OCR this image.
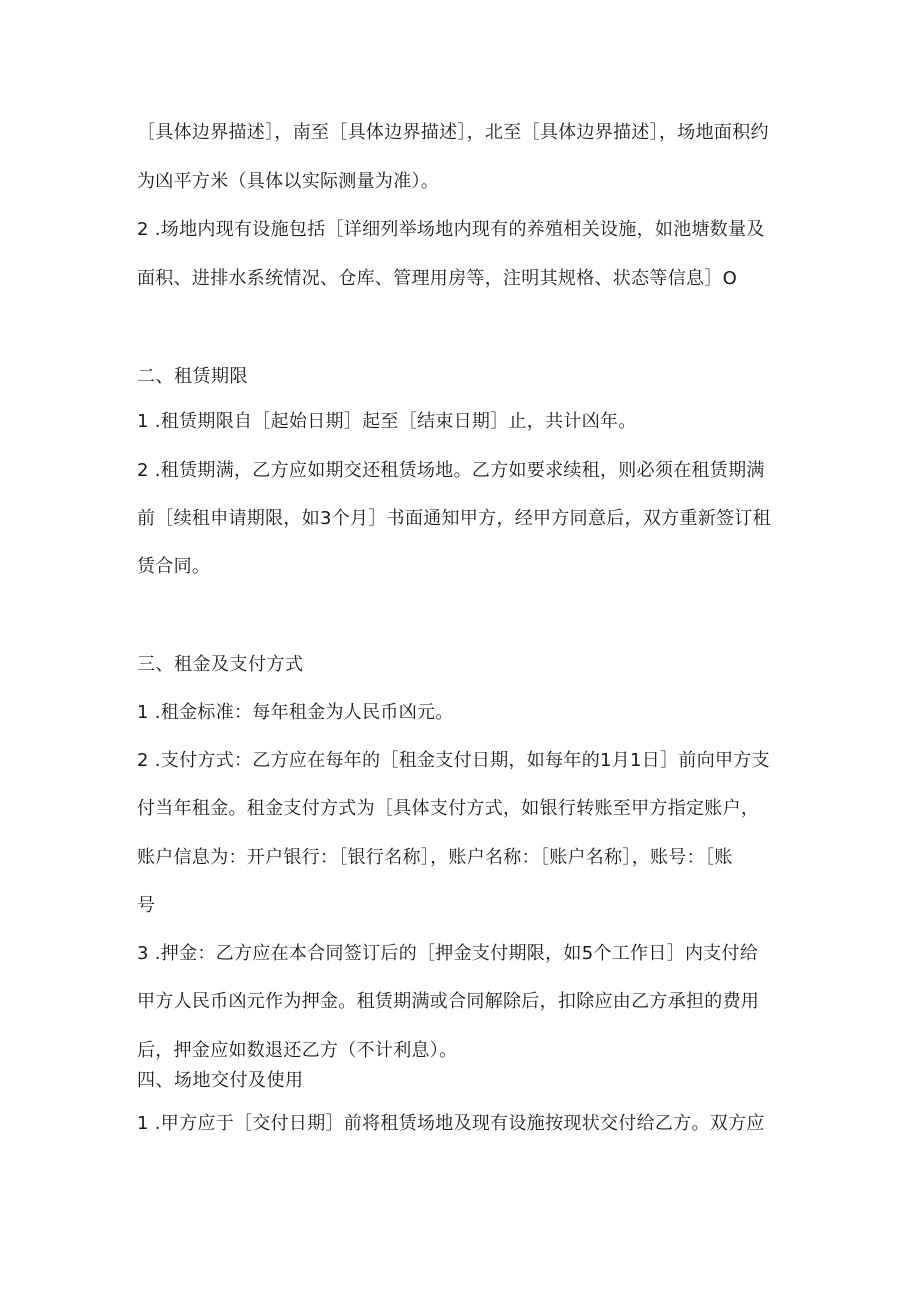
［具体边界描述］，南至［具体边界描述］，北至［具体边界描述］，场地面积约
为凶平方米（具体以实际测量为准）。
2 .场地内现有设施包括［详细列举场地内现有的养殖相关设施，如池塘数量及
面积、进排水系统情况、仓库、管理用房等，注明其规格、状态等信息］O
二、租赁期限
1 .租赁期限自［起始日期］起至［结束日期］止，共计凶年。
2 .租赁期满，乙方应如期交还租赁场地。乙方如要求续租，则必须在租赁期满
前［续租申请期限，如3个月］书面通知甲方，经甲方同意后，双方重新签订租
赁合同。
三、租金及支付方式
1 .租金标准：每年租金为人民币凶元。
2 .支付方式：乙方应在每年的［租金支付日期，如每年的1月1日］前向甲方支
付当年租金。租金支付方式为［具体支付方式，如银行转账至甲方指定账户，
账户信息为：开户银行：［银行名称］，账户名称：［账户名称］，账号：［账
号
3 .押金：乙方应在本合同签订后的［押金支付期限，如5个工作日］内支付给
甲方人民币凶元作为押金。租赁期满或合同解除后，扣除应由乙方承担的费用
后，押金应如数退还乙方（不计利息）。
四、场地交付及使用
1 .甲方应于［交付日期］前将租赁场地及现有设施按现状交付给乙方。双方应
